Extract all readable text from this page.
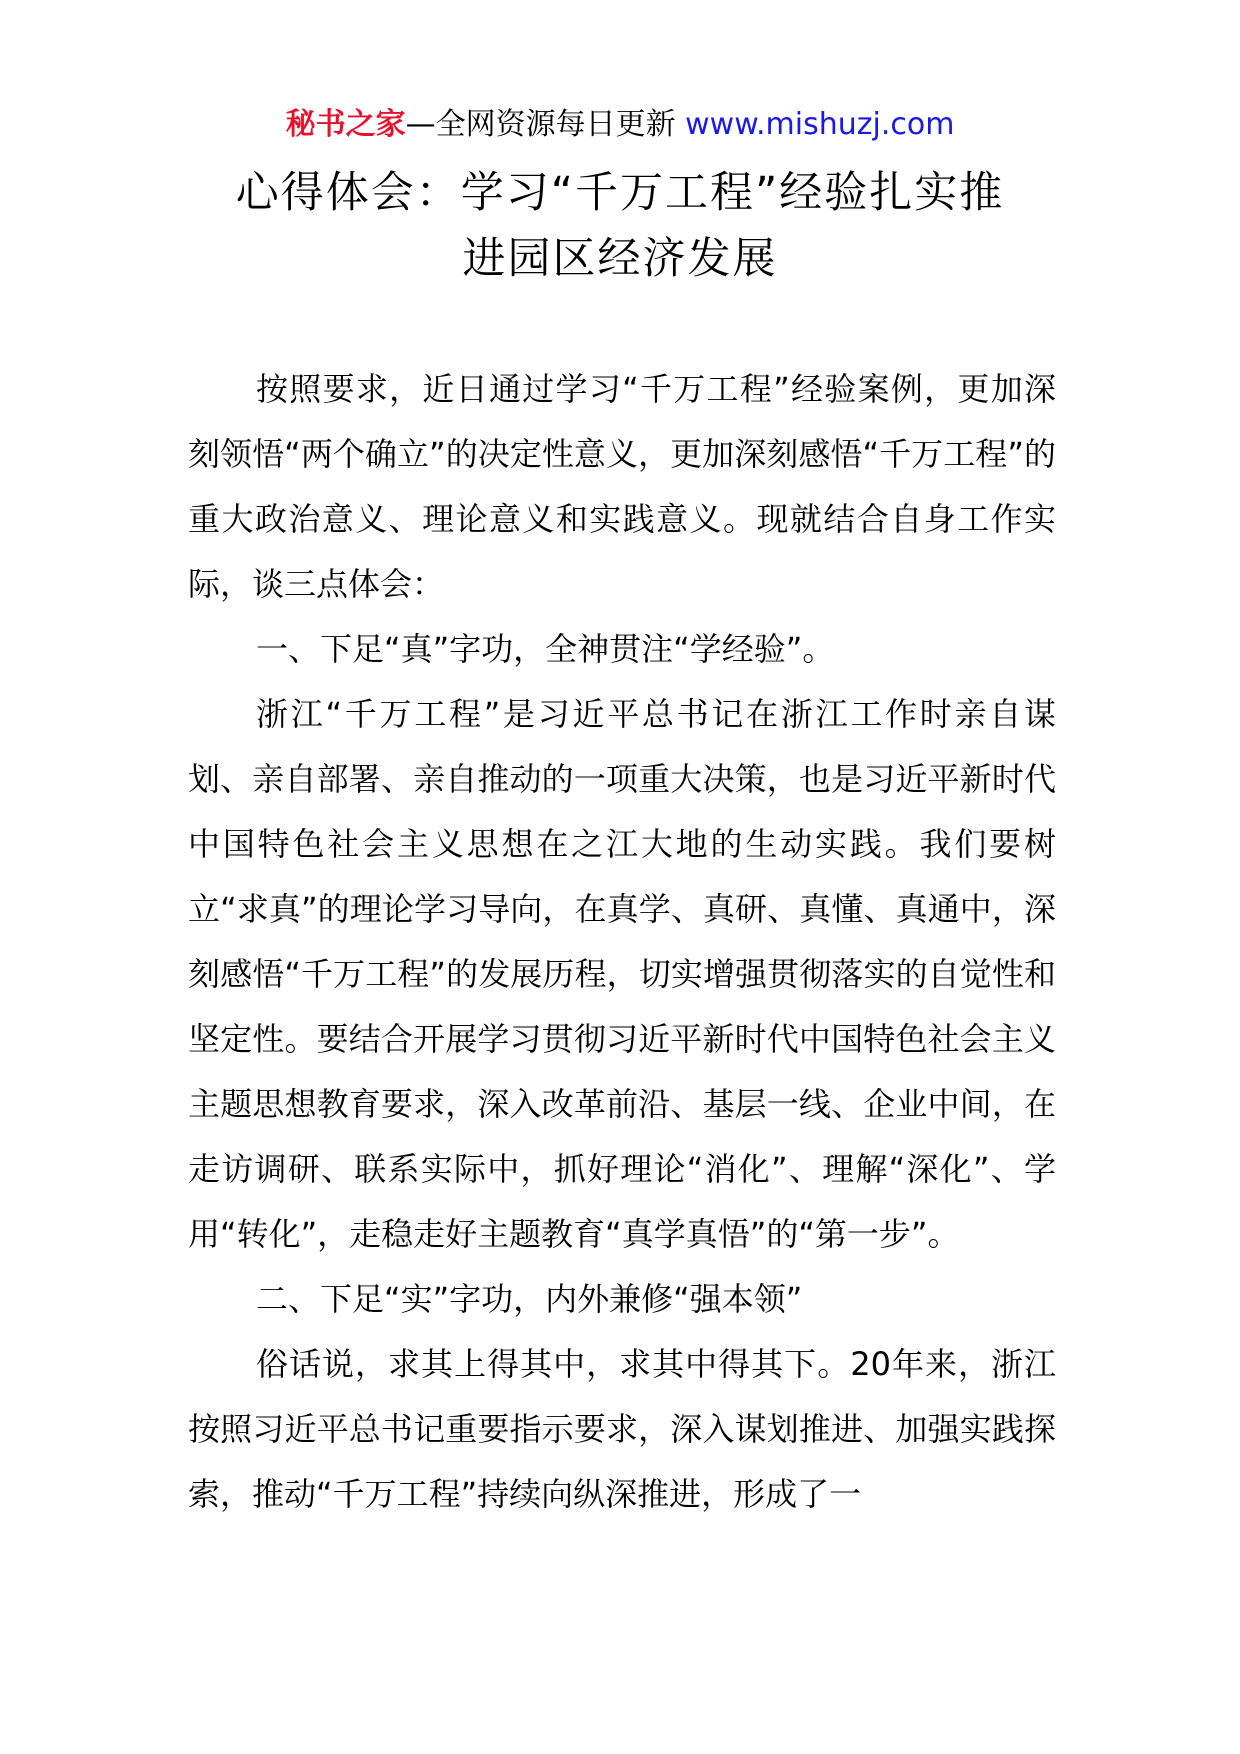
秘书之家—全网资源每日更新 www.mishuzj.com
心得体会：学习“千万工程”经验扎实推
进园区经济发展

按照要求，近日通过学习“千万工程”经验案例，更加深刻领悟“两个确立”的决定性意义，更加深刻感悟“千万工程”的重大政治意义、理论意义和实践意义。现就结合自身工作实际，谈三点体会：

一、下足“真”字功，全神贯注“学经验”。

浙江“千万工程”是习近平总书记在浙江工作时亲自谋划、亲自部署、亲自推动的一项重大决策，也是习近平新时代中国特色社会主义思想在之江大地的生动实践。我们要树立“求真”的理论学习导向，在真学、真研、真懂、真通中，深刻感悟“千万工程”的发展历程，切实增强贯彻落实的自觉性和坚定性。要结合开展学习贯彻习近平新时代中国特色社会主义主题思想教育要求，深入改革前沿、基层一线、企业中间，在走访调研、联系实际中，抓好理论“消化”、理解“深化”、学用“转化”，走稳走好主题教育“真学真悟”的“第一步”。

二、下足“实”字功，内外兼修“强本领”

俗话说，求其上得其中，求其中得其下。20年来，浙江按照习近平总书记重要指示要求，深入谋划推进、加强实践探索，推动“千万工程”持续向纵深推进，形成了一
